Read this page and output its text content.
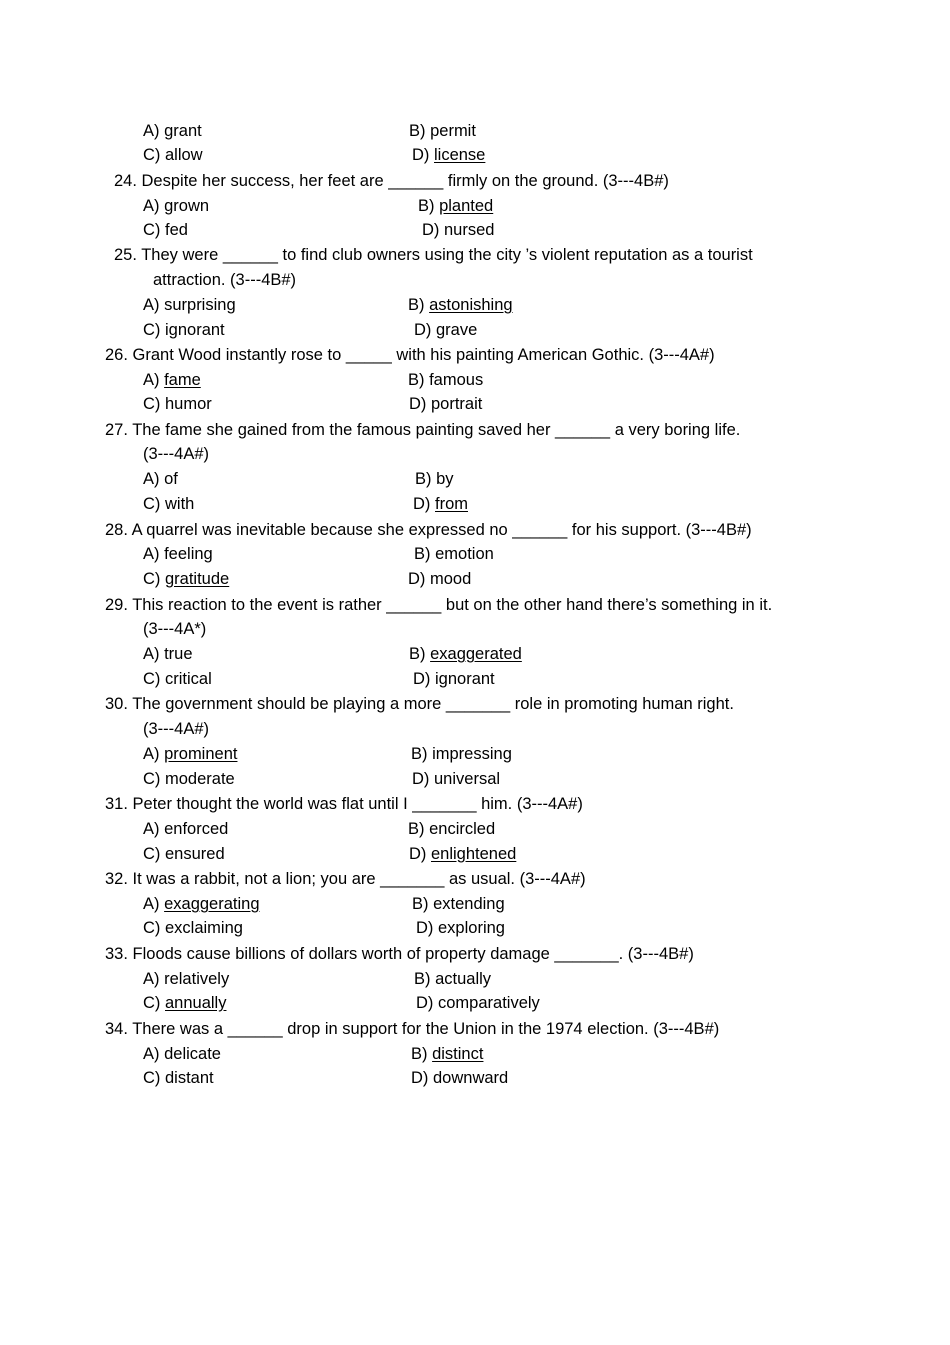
A) grant	B) permit
C) allow	D) license
24. Despite her success, her feet are ______ firmly on the ground. (3---4B#)
A) grown	B) planted
C) fed	D) nursed
25. They were ______ to find club owners using the city ’s violent reputation as a tourist
attraction. (3---4B#)
A) surprising	B) astonishing
C) ignorant	D) grave
26. Grant Wood instantly rose to _____ with his painting American Gothic. (3---4A#)
A) fame	B) famous
C) humor	D) portrait
27. The fame she gained from the famous painting saved her ______ a very boring life.
(3---4A#)
A) of	B) by
C) with	D) from
28. A quarrel was inevitable because she expressed no ______ for his support. (3---4B#)
A) feeling	B) emotion
C) gratitude	D) mood
29. This reaction to the event is rather ______ but on the other hand there’s something in it.
(3---4A*)
A) true	B) exaggerated
C) critical	D) ignorant
30. The government should be playing a more _______ role in promoting human right.
(3---4A#)
A) prominent	B) impressing
C) moderate	D) universal
31. Peter thought the world was flat until I _______ him. (3---4A#)
A) enforced	B) encircled
C) ensured	D) enlightened
32. It was a rabbit, not a lion; you are _______ as usual. (3---4A#)
A) exaggerating	B) extending
C) exclaiming	D) exploring
33. Floods cause billions of dollars worth of property damage _______. (3---4B#)
A) relatively	B) actually
C) annually	D) comparatively
34. There was a ______ drop in support for the Union in the 1974 election. (3---4B#)
A) delicate	B) distinct
C) distant	D) downward
